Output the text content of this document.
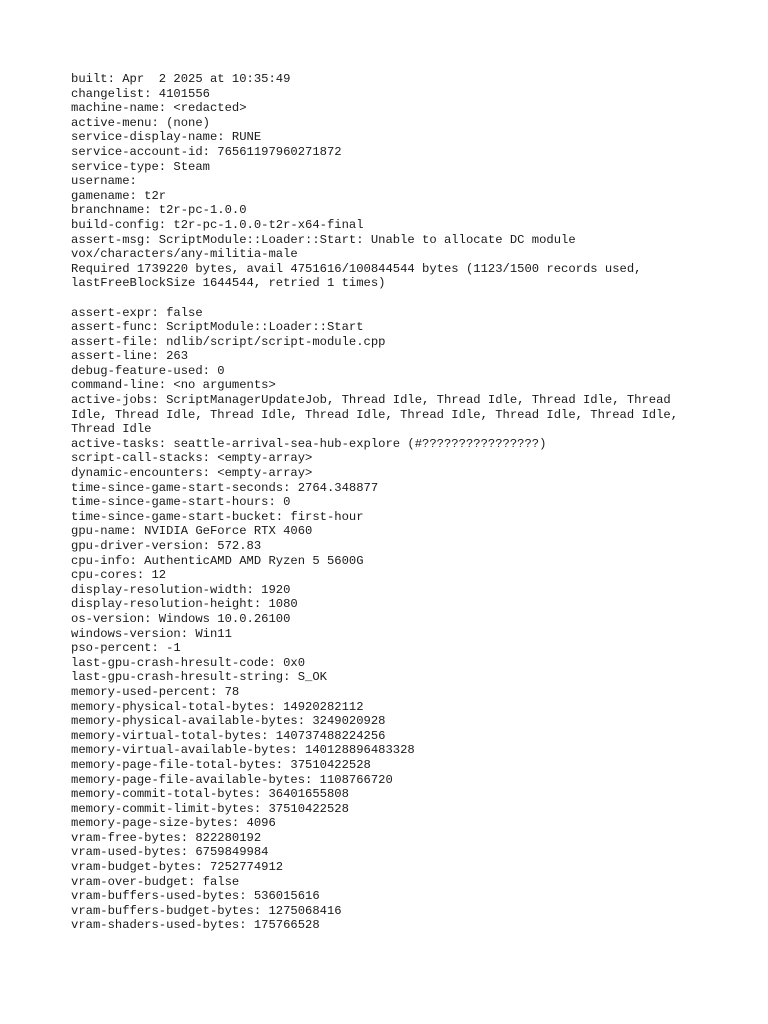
built: Apr  2 2025 at 10:35:49
changelist: 4101556
machine-name: <redacted>
active-menu: (none)
service-display-name: RUNE
service-account-id: 76561197960271872
service-type: Steam
username:
gamename: t2r
branchname: t2r-pc-1.0.0
build-config: t2r-pc-1.0.0-t2r-x64-final
assert-msg: ScriptModule::Loader::Start: Unable to allocate DC module
vox/characters/any-militia-male
Required 1739220 bytes, avail 4751616/100844544 bytes (1123/1500 records used,
lastFreeBlockSize 1644544, retried 1 times)
assert-expr: false
assert-func: ScriptModule::Loader::Start
assert-file: ndlib/script/script-module.cpp
assert-line: 263
debug-feature-used: 0
command-line: <no arguments>
active-jobs: ScriptManagerUpdateJob, Thread Idle, Thread Idle, Thread Idle, Thread
Idle, Thread Idle, Thread Idle, Thread Idle, Thread Idle, Thread Idle, Thread Idle,
Thread Idle
active-tasks: seattle-arrival-sea-hub-explore (#????????????????)
script-call-stacks: <empty-array>
dynamic-encounters: <empty-array>
time-since-game-start-seconds: 2764.348877
time-since-game-start-hours: 0
time-since-game-start-bucket: first-hour
gpu-name: NVIDIA GeForce RTX 4060
gpu-driver-version: 572.83
cpu-info: AuthenticAMD AMD Ryzen 5 5600G
cpu-cores: 12
display-resolution-width: 1920
display-resolution-height: 1080
os-version: Windows 10.0.26100
windows-version: Win11
pso-percent: -1
last-gpu-crash-hresult-code: 0x0
last-gpu-crash-hresult-string: S_OK
memory-used-percent: 78
memory-physical-total-bytes: 14920282112
memory-physical-available-bytes: 3249020928
memory-virtual-total-bytes: 140737488224256
memory-virtual-available-bytes: 140128896483328
memory-page-file-total-bytes: 37510422528
memory-page-file-available-bytes: 1108766720
memory-commit-total-bytes: 36401655808
memory-commit-limit-bytes: 37510422528
memory-page-size-bytes: 4096
vram-free-bytes: 822280192
vram-used-bytes: 6759849984
vram-budget-bytes: 7252774912
vram-over-budget: false
vram-buffers-used-bytes: 536015616
vram-buffers-budget-bytes: 1275068416
vram-shaders-used-bytes: 175766528
